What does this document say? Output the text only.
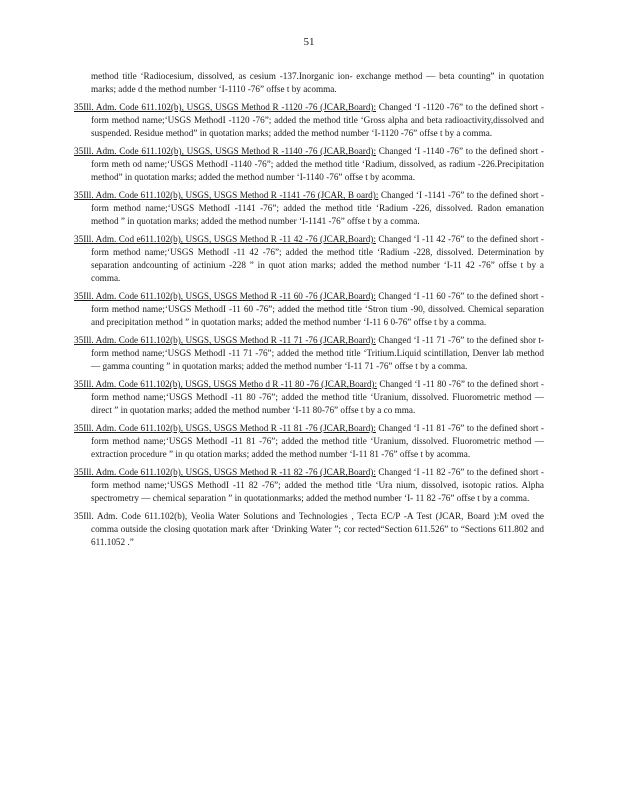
51

method title ‘Radiocesium, dissolved, as cesium -137.Inorganic ion- exchange method — beta counting” in quotation marks; adde d the method number ‘I-1110 -76” offse t by acomma.

35Ill. Adm. Code 611.102(b), USGS, USGS Method R -1120 -76 (JCAR,Board): Changed ‘I -1120 -76” to the defined short -form method name;‘USGS MethodI -1120 -76”; added the method title ‘Gross alpha and beta radioactivity,dissolved and suspended. Residue method” in quotation marks; added the method number ‘I-1120 -76” offse t by a comma.

35Ill. Adm. Code 611.102(b), USGS, USGS Method R -1140 -76 (JCAR,Board): Changed ‘I -1140 -76” to the defined short -form meth od name;‘USGS MethodI -1140 -76”; added the method title ‘Radium, dissolved, as radium -226.Precipitation method” in quotation marks; added the method number ‘I-1140 -76” offse t by acomma.

35Ill. Adm. Code 611.102(b), USGS, USGS Method R -1141 -76 (JCAR, B oard): Changed ‘I -1141 -76” to the defined short -form method name;‘USGS MethodI -1141 -76”; added the method title ‘Radium -226, dissolved. Radon emanation method ” in quotation marks; added the method number ‘I-1141 -76” offse t by a comma.

35Ill. Adm. Cod e611.102(b), USGS, USGS Method R -11 42 -76 (JCAR,Board): Changed ‘I -11 42 -76” to the defined short -form method name;‘USGS MethodI -11 42 -76”; added the method title ‘Radium -228, dissolved. Determination by separation andcounting of actinium -228 ” in quot ation marks; added the method number ‘I-11 42 -76” offse t by a comma.

35Ill. Adm. Code 611.102(b), USGS, USGS Method R -11 60 -76 (JCAR,Board): Changed ‘I -11 60 -76” to the defined short -form method name;‘USGS MethodI -11 60 -76”; added the method title ‘Stron tium -90, dissolved. Chemical separation and precipitation method ” in quotation marks; added the method number ‘I-11 6 0-76” offse t by a comma.

35Ill. Adm. Code 611.102(b), USGS, USGS Method R -11 71 -76 (JCAR,Board): Changed ‘I -11 71 -76” to the defined shor t-form method name;‘USGS MethodI -11 71 -76”; added the method title ‘Tritium.Liquid scintillation, Denver lab method — gamma counting ” in quotation marks; added the method number ‘I-11 71 -76” offse t by a comma.

35Ill. Adm. Code 611.102(b), USGS, USGS Metho d R -11 80 -76 (JCAR,Board): Changed ‘I -11 80 -76” to the defined short -form method name;‘USGS MethodI -11 80 -76”; added the method title ‘Uranium, dissolved. Fluorometric method — direct ” in quotation marks; added the method number ‘I-11 80-76” offse t by a co mma.

35Ill. Adm. Code 611.102(b), USGS, USGS Method R -11 81 -76 (JCAR,Board): Changed ‘I -11 81 -76” to the defined short -form method name;‘USGS MethodI -11 81 -76”; added the method title ‘Uranium, dissolved. Fluorometric method — extraction procedure ” in qu otation marks; added the method number ‘I-11 81 -76” offse t by acomma.

35Ill. Adm. Code 611.102(b), USGS, USGS Method R -11 82 -76 (JCAR,Board): Changed ‘I -11 82 -76” to the defined short -form method name;‘USGS MethodI -11 82 -76”; added the method title ‘Ura nium, dissolved, isotopic ratios. Alpha spectrometry — chemical separation ” in quotationmarks; added the method number ‘I- 11 82 -76” offse t by a comma.

35Ill. Adm. Code 611.102(b), Veolia Water Solutions and Technologies , Tecta EC/P -A Test (JCAR, Board ):M oved the comma outside the closing quotation mark after ‘Drinking Water ”; cor rected“Section 611.526” to “Sections 611.802 and 611.1052 .”
